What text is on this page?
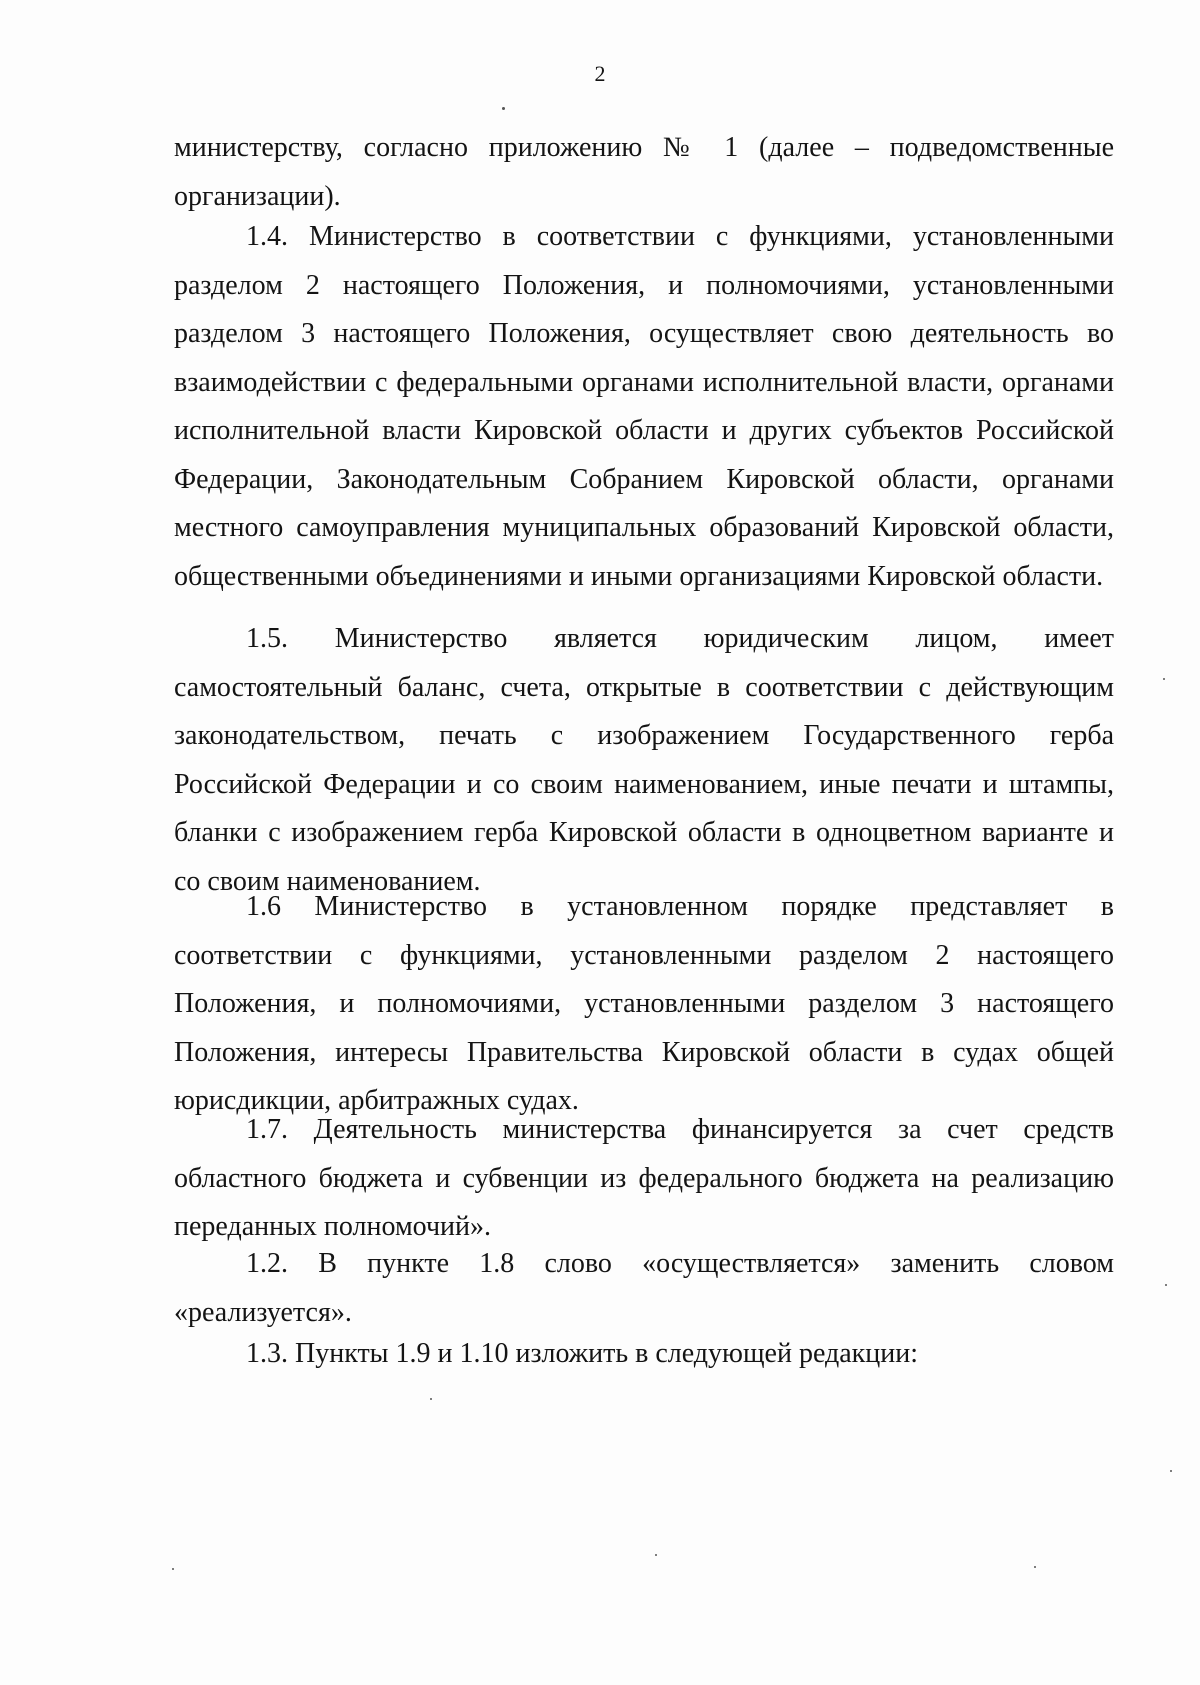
2

министерству, согласно приложению № 1 (далее – подведомственные организации).

1.4. Министерство в соответствии с функциями, установленными разделом 2 настоящего Положения, и полномочиями, установленными разделом 3 настоящего Положения, осуществляет свою деятельность во взаимодействии с федеральными органами исполнительной власти, органами исполнительной власти Кировской области и других субъектов Российской Федерации, Законодательным Собранием Кировской области, органами местного самоуправления муниципальных образований Кировской области, общественными объединениями и иными организациями Кировской области.

1.5. Министерство является юридическим лицом, имеет самостоятельный баланс, счета, открытые в соответствии с действующим законодательством, печать с изображением Государственного герба Российской Федерации и со своим наименованием, иные печати и штампы, бланки с изображением герба Кировской области в одноцветном варианте и со своим наименованием.

1.6 Министерство в установленном порядке представляет в соответствии с функциями, установленными разделом 2 настоящего Положения, и полномочиями, установленными разделом 3 настоящего Положения, интересы Правительства Кировской области в судах общей юрисдикции, арбитражных судах.

1.7. Деятельность министерства финансируется за счет средств областного бюджета и субвенции из федерального бюджета на реализацию переданных полномочий».

1.2. В пункте 1.8 слово «осуществляется» заменить словом «реализуется».

1.3. Пункты 1.9 и 1.10 изложить в следующей редакции:
